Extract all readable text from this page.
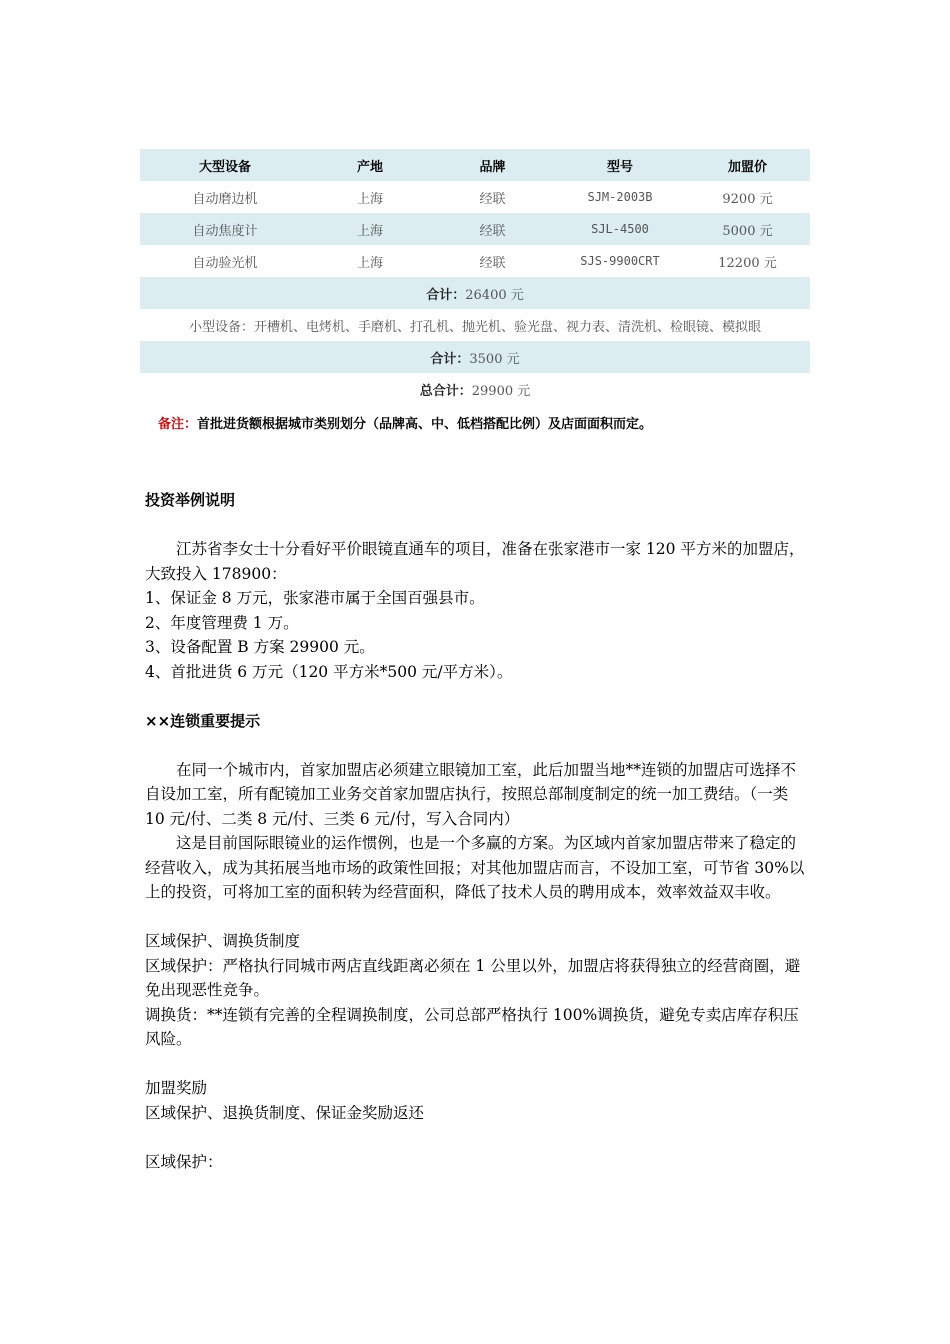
大型设备	产地	品牌	型号	加盟价
自动磨边机	上海	经联	SJM-2003B	9200 元
自动焦度计	上海	经联	SJL-4500	5000 元
自动验光机	上海	经联	SJS-9900CRT	12200 元
合计：26400 元				
小型设备：开槽机、电烤机、手磨机、打孔机、抛光机、验光盘、视力表、清洗机、检眼镜、模拟眼				
合计：3500 元				
总合计：29900 元				
备注：首批进货额根据城市类别划分（品牌高、中、低档搭配比例）及店面面积而定。

投资举例说明

江苏省李女士十分看好平价眼镜直通车的项目，准备在张家港市一家 120 平方米的加盟店，大致投入 178900：

1、保证金 8 万元，张家港市属于全国百强县市。

2、年度管理费 1 万。

3、设备配置 B 方案 29900 元。

4、首批进货 6 万元（120 平方米*500 元/平方米）。

××连锁重要提示

在同一个城市内，首家加盟店必须建立眼镜加工室，此后加盟当地**连锁的加盟店可选择不自设加工室，所有配镜加工业务交首家加盟店执行，按照总部制度制定的统一加工费结。（一类 10 元/付、二类 8 元/付、三类 6 元/付，写入合同内）

这是目前国际眼镜业的运作惯例，也是一个多赢的方案。为区域内首家加盟店带来了稳定的经营收入，成为其拓展当地市场的政策性回报；对其他加盟店而言，不设加工室，可节省 30%以上的投资，可将加工室的面积转为经营面积，降低了技术人员的聘用成本，效率效益双丰收。

区域保护、调换货制度

区域保护：严格执行同城市两店直线距离必须在 1 公里以外，加盟店将获得独立的经营商圈，避免出现恶性竞争。

调换货：**连锁有完善的全程调换制度，公司总部严格执行 100%调换货，避免专卖店库存积压风险。

加盟奖励

区域保护、退换货制度、保证金奖励返还

区域保护：
